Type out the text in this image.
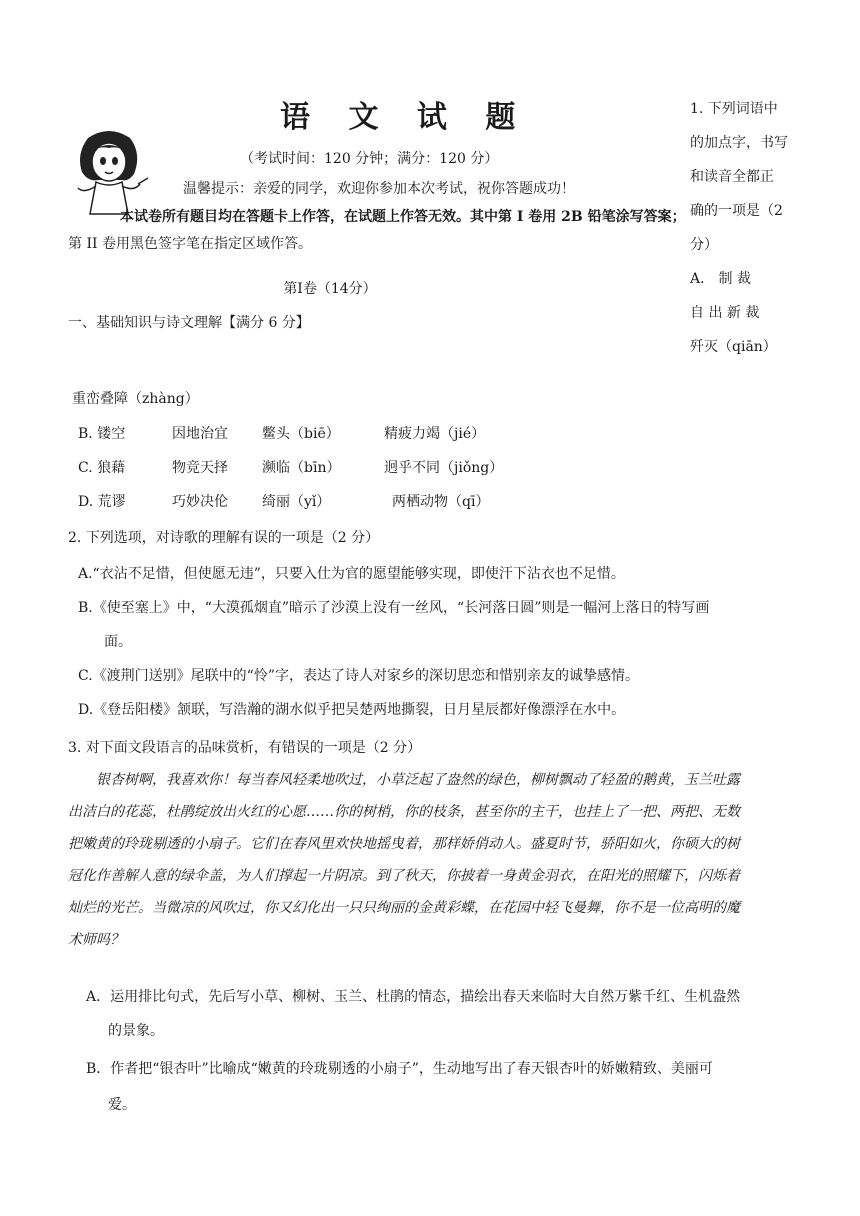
语 文 试 题
（考试时间：120 分钟；满分：120 分）
温馨提示：亲爱的同学，欢迎你参加本次考试，祝你答题成功！
本试卷所有题目均在答题卡上作答，在试题上作答无效。其中第 I 卷用 2B 铅笔涂写答案；
第 II 卷用黑色签字笔在指定区域作答。
第Ⅰ卷（14分）
一、基础知识与诗文理解【满分 6 分】
1. 下列词语中
的加点字，书写
和读音全都正
确的一项是（2
分）
A． 制 裁
自 出 新 裁
歼灭（qiān）
重峦叠障（zhàng）
B. 镂空	因地治宜 鳖头（biē）	精疲力竭（jié）
C. 狼藉	物竞天择 濒临（bīn）	迥乎不同（jiǒng）
D. 荒谬	巧妙决伦 绮丽（yǐ）	两栖动物（qī）
2. 下列选项，对诗歌的理解有误的一项是（2 分）
A.“衣沾不足惜，但使愿无违”，只要入仕为官的愿望能够实现，即使汗下沾衣也不足惜。
B.《使至塞上》中，“大漠孤烟直”暗示了沙漠上没有一丝风，“长河落日圆”则是一幅河上落日的特写画
面。
C.《渡荆门送别》尾联中的“怜”字，表达了诗人对家乡的深切思恋和惜别亲友的诚挚感情。
D.《登岳阳楼》颔联，写浩瀚的湖水似乎把吴楚两地撕裂，日月星辰都好像漂浮在水中。
3. 对下面文段语言的品味赏析，有错误的一项是（2 分）
　　银杏树啊，我喜欢你！每当春风轻柔地吹过，小草泛起了盎然的绿色，柳树飘动了轻盈的鹅黄，玉兰吐露
出洁白的花蕊，杜鹃绽放出火红的心愿……你的树梢，你的枝条，甚至你的主干，也挂上了一把、两把、无数
把嫩黄的玲珑剔透的小扇子。它们在春风里欢快地摇曳着，那样娇俏动人。盛夏时节，骄阳如火，你硕大的树
冠化作善解人意的绿伞盖，为人们撑起一片阴凉。到了秋天，你披着一身黄金羽衣，在阳光的照耀下，闪烁着
灿烂的光芒。当微凉的风吹过，你又幻化出一只只绚丽的金黄彩蝶，在花园中轻飞曼舞，你不是一位高明的魔
术师吗？
A．运用排比句式，先后写小草、柳树、玉兰、杜鹃的情态，描绘出春天来临时大自然万紫千红、生机盎然
的景象。
B．作者把“银杏叶”比喻成“嫩黄的玲珑剔透的小扇子”，生动地写出了春天银杏叶的娇嫩精致、美丽可
爱。
